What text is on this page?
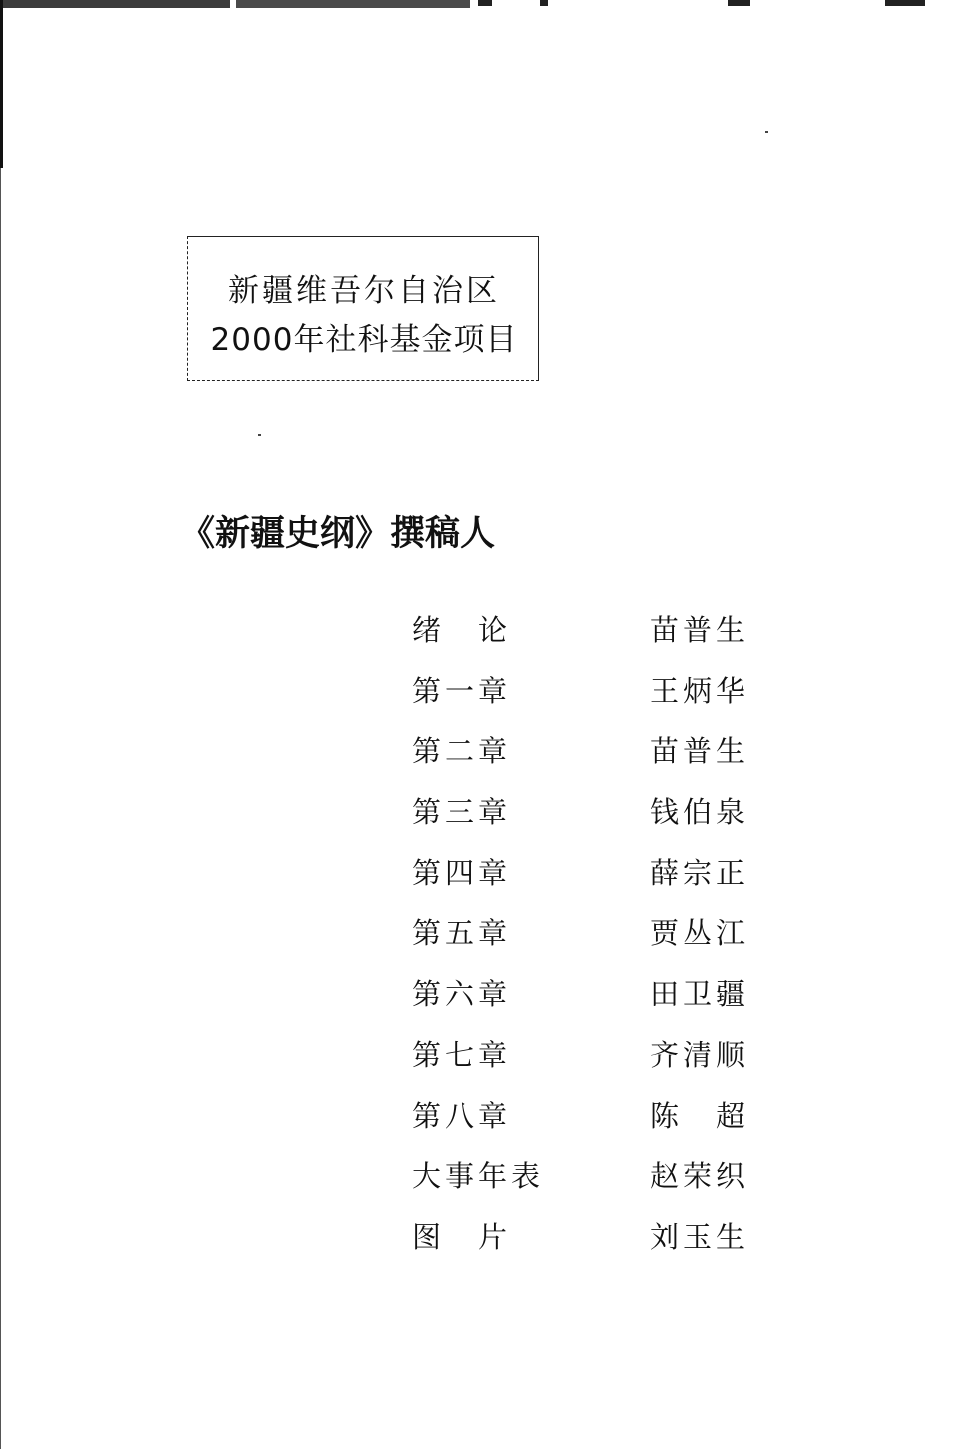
新疆维吾尔自治区
2000年社科基金项目
《新疆史纲》撰稿人
绪　论	苗普生
第一章	王炳华
第二章	苗普生
第三章	钱伯泉
第四章	薛宗正
第五章	贾丛江
第六章	田卫疆
第七章	齐清顺
第八章	陈　超
大事年表	赵荣织
图　片	刘玉生
